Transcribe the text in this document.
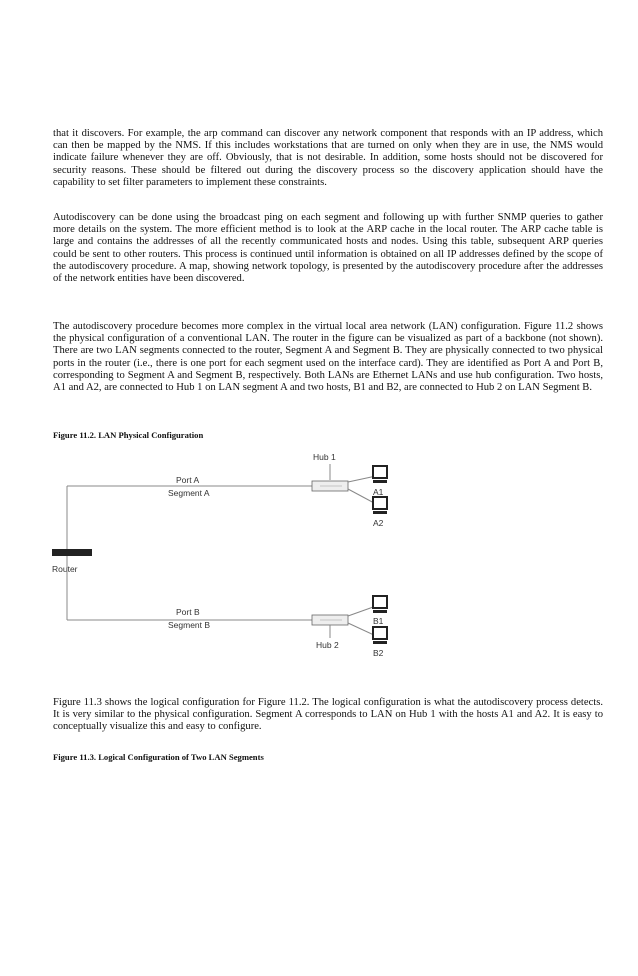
that it discovers. For example, the arp command can discover any network component that responds with an IP address, which can then be mapped by the NMS. If this includes workstations that are turned on only when they are in use, the NMS would indicate failure whenever they are off. Obviously, that is not desirable. In addition, some hosts should not be discovered for security reasons. These should be filtered out during the discovery process so the discovery application should have the capability to set filter parameters to implement these constraints.

Autodiscovery can be done using the broadcast ping on each segment and following up with further SNMP queries to gather more details on the system. The more efficient method is to look at the ARP cache in the local router. The ARP cache table is large and contains the addresses of all the recently communicated hosts and nodes. Using this table, subsequent ARP queries could be sent to other routers. This process is continued until information is obtained on all IP addresses defined by the scope of the autodiscovery procedure. A map, showing network topology, is presented by the autodiscovery procedure after the addresses of the network entities have been discovered.

The autodiscovery procedure becomes more complex in the virtual local area network (LAN) configuration. Figure 11.2 shows the physical configuration of a conventional LAN. The router in the figure can be visualized as part of a backbone (not shown). There are two LAN segments connected to the router, Segment A and Segment B. They are physically connected to two physical ports in the router (i.e., there is one port for each segment used on the interface card). They are identified as Port A and Port B, corresponding to Segment A and Segment B, respectively. Both LANs are Ethernet LANs and use hub configuration. Two hosts, A1 and A2, are connected to Hub 1 on LAN segment A and two hosts, B1 and B2, are connected to Hub 2 on LAN Segment B.

Figure 11.2. LAN Physical Configuration

Router
Port A
Segment A
Hub 1
A1
A2
Port B
Segment B
Hub 2
B1
B2

Figure 11.3 shows the logical configuration for Figure 11.2. The logical configuration is what the autodiscovery process detects. It is very similar to the physical configuration. Segment A corresponds to LAN on Hub 1 with the hosts A1 and A2. It is easy to conceptually visualize this and easy to configure.

Figure 11.3. Logical Configuration of Two LAN Segments
